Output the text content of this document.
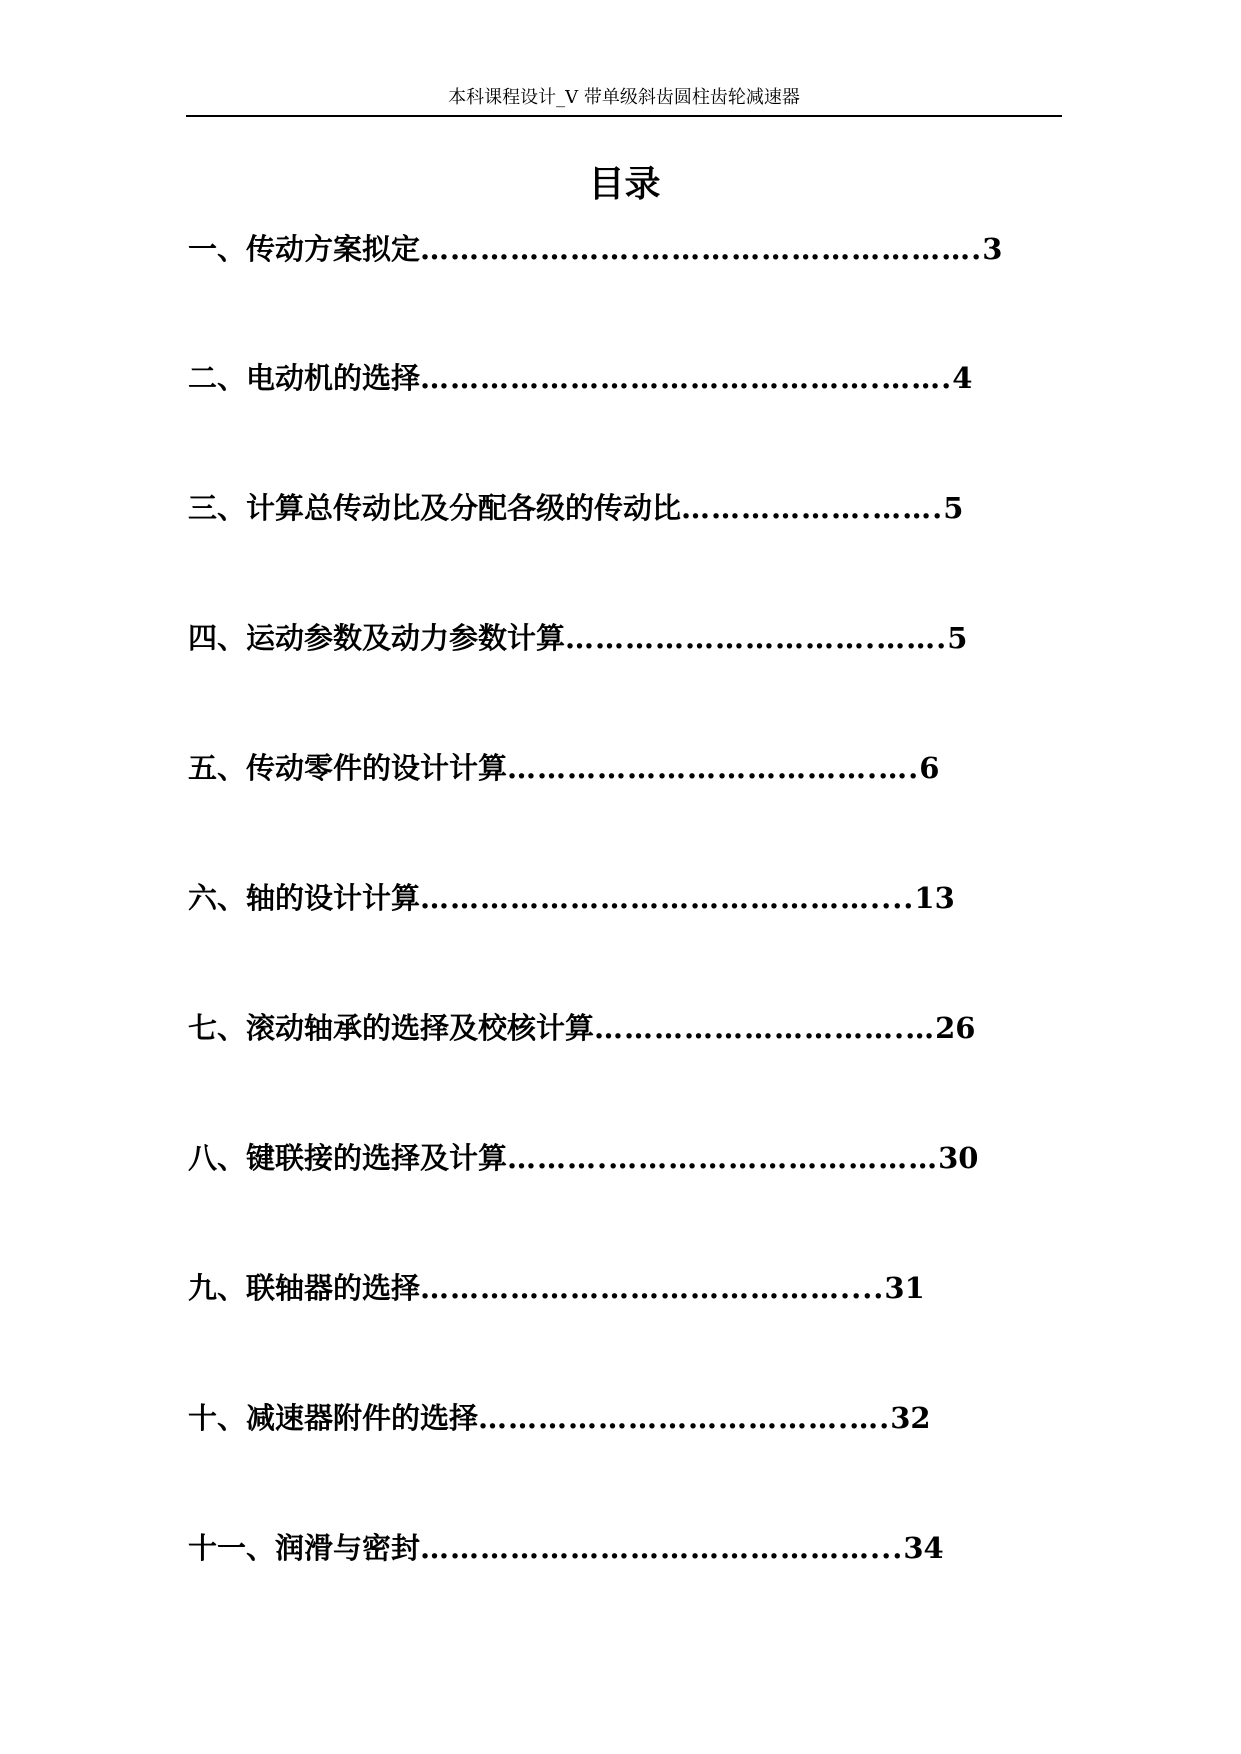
本科课程设计_V 带单级斜齿圆柱齿轮减速器
目录
一、传动方案拟定………………….…………………………….3
二、电动机的选择……………………………………….…….4
三、计算总传动比及分配各级的传动比……………….…….5
四、运动参数及动力参数计算………………………….…….5
五、传动零件的设计计算……………………………….….6
六、轴的设计计算………………………………………....13
七、滚动轴承的选择及校核计算………………………….…26
八、键联接的选择及计算……….……………………………30
九、联轴器的选择……………………………………....31
十、减速器附件的选择……………………………….….32
十一、润滑与密封………………………………………...34
